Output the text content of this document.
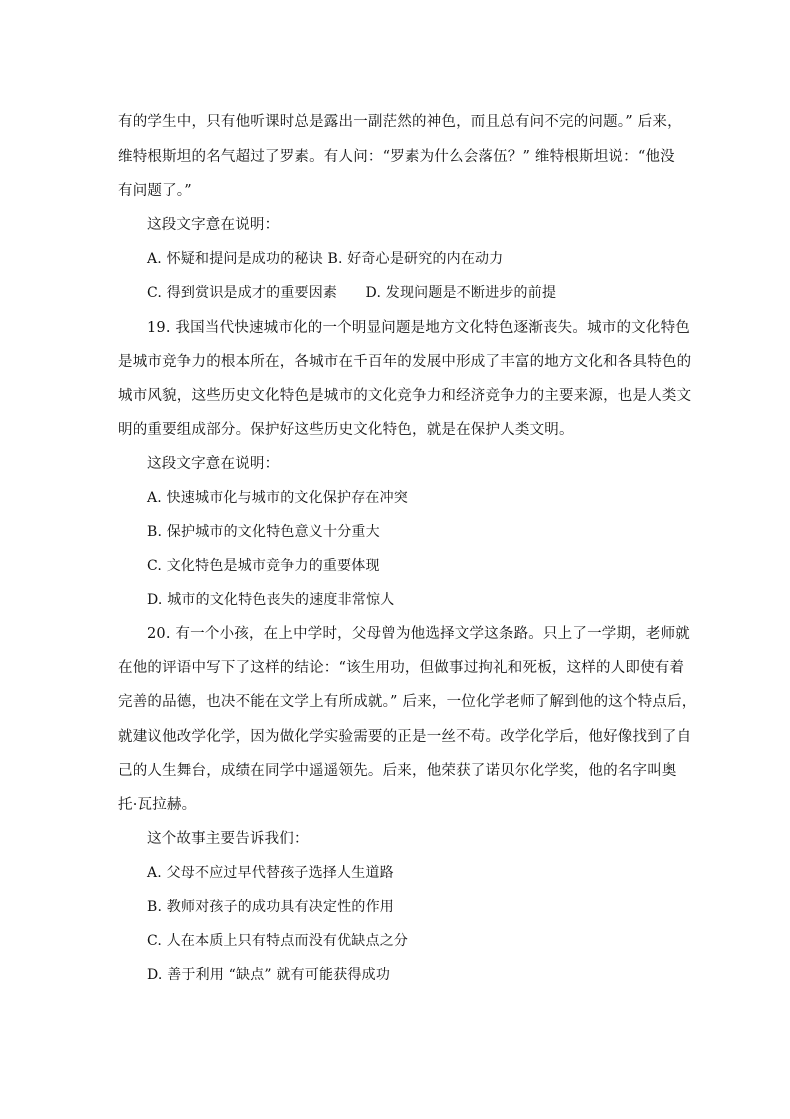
有的学生中，只有他听课时总是露出一副茫然的神色，而且总有问不完的问题。” 后来，
维特根斯坦的名气超过了罗素。有人问：“罗素为什么会落伍？” 维特根斯坦说：“他没
有问题了。”
这段文字意在说明：
A. 怀疑和提问是成功的秘诀 B. 好奇心是研究的内在动力
C. 得到赏识是成才的重要因素　　D. 发现问题是不断进步的前提
19. 我国当代快速城市化的一个明显问题是地方文化特色逐渐丧失。城市的文化特色
是城市竞争力的根本所在，各城市在千百年的发展中形成了丰富的地方文化和各具特色的
城市风貌，这些历史文化特色是城市的文化竞争力和经济竞争力的主要来源，也是人类文
明的重要组成部分。保护好这些历史文化特色，就是在保护人类文明。
这段文字意在说明：
A. 快速城市化与城市的文化保护存在冲突
B. 保护城市的文化特色意义十分重大
C. 文化特色是城市竞争力的重要体现
D. 城市的文化特色丧失的速度非常惊人
20. 有一个小孩，在上中学时，父母曾为他选择文学这条路。只上了一学期，老师就
在他的评语中写下了这样的结论：“该生用功，但做事过拘礼和死板，这样的人即使有着
完善的品德，也决不能在文学上有所成就。” 后来，一位化学老师了解到他的这个特点后，
就建议他改学化学，因为做化学实验需要的正是一丝不苟。改学化学后，他好像找到了自
己的人生舞台，成绩在同学中遥遥领先。后来，他荣获了诺贝尔化学奖，他的名字叫奥
托·瓦拉赫。
这个故事主要告诉我们：
A. 父母不应过早代替孩子选择人生道路
B. 教师对孩子的成功具有决定性的作用
C. 人在本质上只有特点而没有优缺点之分
D. 善于利用 “缺点” 就有可能获得成功
